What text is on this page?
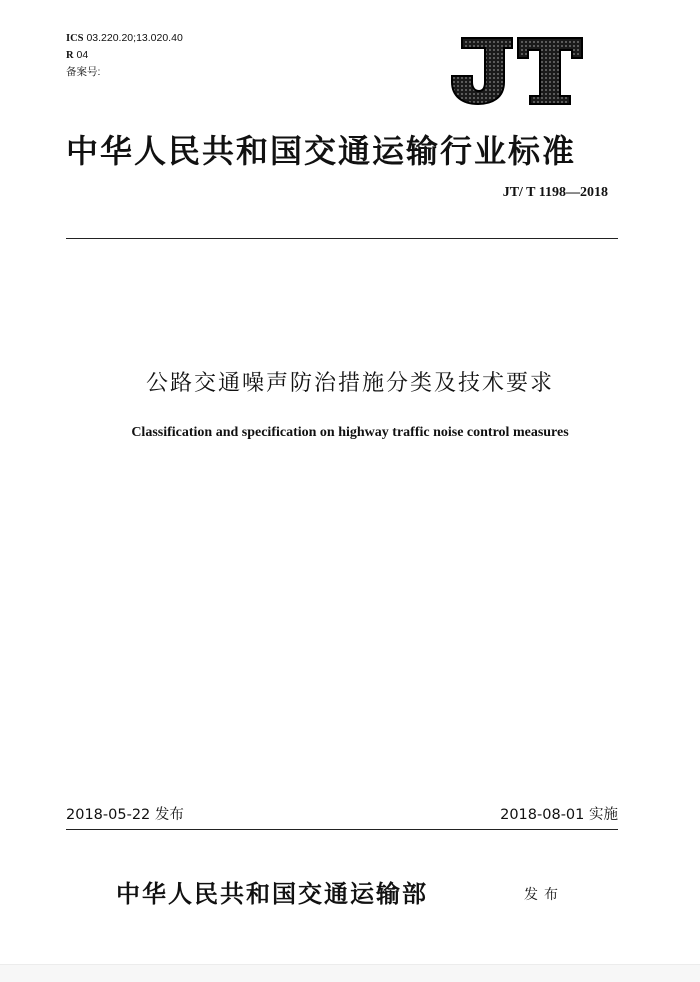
ICS 03.220.20;13.020.40
R 04
备案号:
中华人民共和国交通运输行业标准
JT/ T 1198—2018
公路交通噪声防治措施分类及技术要求
Classification and specification on highway traffic noise control measures
2018-05-22 发布	2018-08-01 实施
中华人民共和国交通运输部	发布
